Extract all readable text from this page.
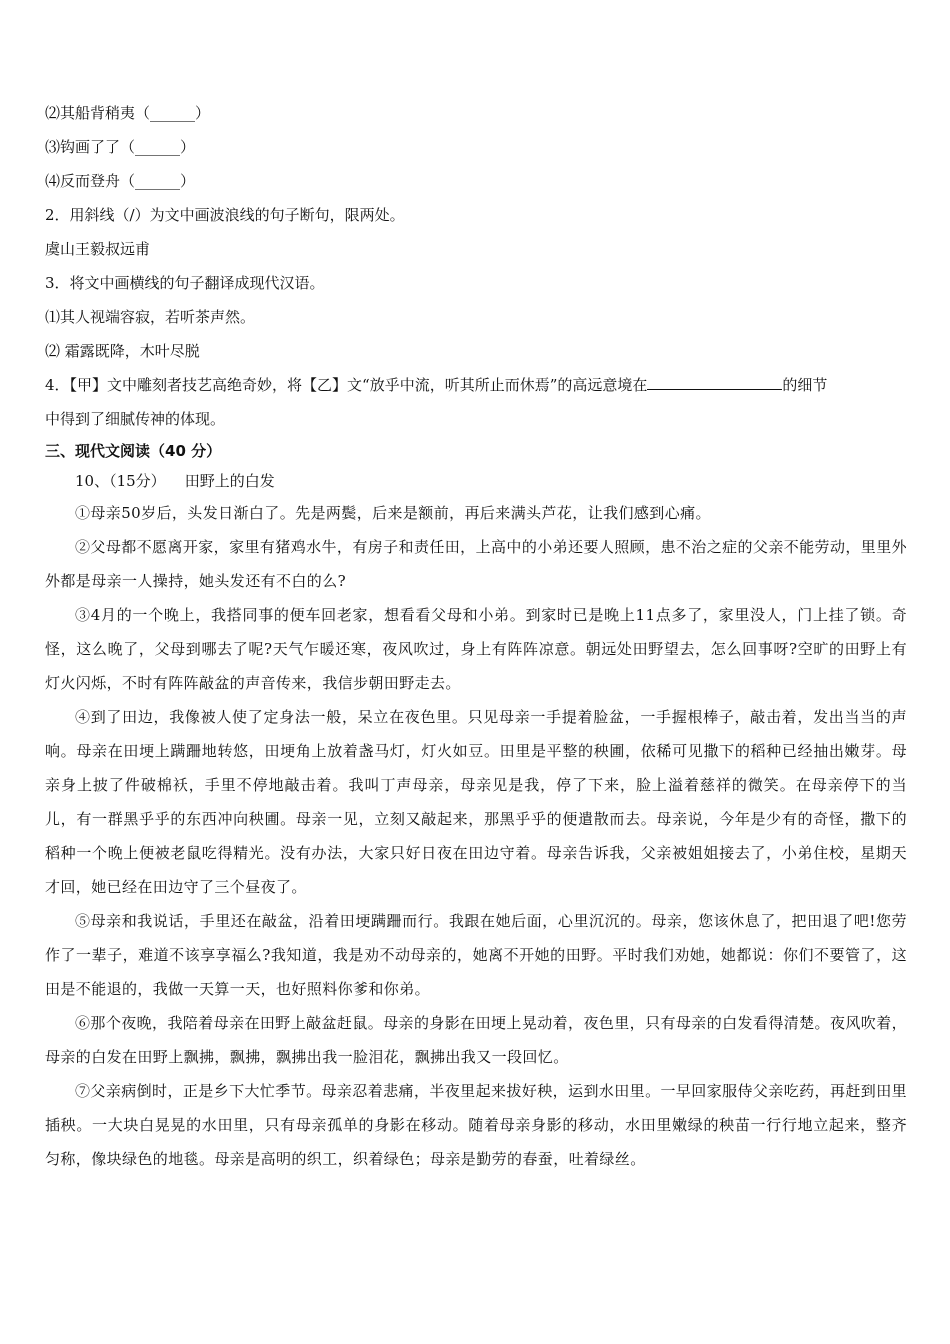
⑵其船背稍夷（______）
⑶钩画了了（______）
⑷反而登舟（______）
2．用斜线（/）为文中画波浪线的句子断句，限两处。
虞山王毅叔远甫
3．将文中画横线的句子翻译成现代汉语。
⑴其人视端容寂，若听茶声然。
⑵ 霜露既降，木叶尽脱
4．【甲】文中雕刻者技艺高绝奇妙，将【乙】文“放乎中流，听其所止而休焉”的高远意境在	的细节
中得到了细腻传神的体现。
三、现代文阅读（40 分）
10、（15分） 田野上的白发

①母亲50岁后，头发日渐白了。先是两鬓，后来是额前，再后来满头芦花，让我们感到心痛。

②父母都不愿离开家，家里有猪鸡水牛，有房子和责任田，上高中的小弟还要人照顾，患不治之症的父亲不能劳动，里里外外都是母亲一人操持，她头发还有不白的么?

③4月的一个晚上，我搭同事的便车回老家，想看看父母和小弟。到家时已是晚上11点多了，家里没人，门上挂了锁。奇怪，这么晚了，父母到哪去了呢?天气乍暖还寒，夜风吹过，身上有阵阵凉意。朝远处田野望去，怎么回事呀?空旷的田野上有灯火闪烁，不时有阵阵敲盆的声音传来，我信步朝田野走去。

④到了田边，我像被人使了定身法一般，呆立在夜色里。只见母亲一手提着脸盆，一手握根棒子，敲击着，发出当当的声响。母亲在田埂上蹒跚地转悠，田埂角上放着盏马灯，灯火如豆。田里是平整的秧圃，依稀可见撒下的稻种已经抽出嫩芽。母亲身上披了件破棉袄，手里不停地敲击着。我叫丁声母亲，母亲见是我，停了下来，脸上溢着慈祥的微笑。在母亲停下的当儿，有一群黑乎乎的东西冲向秧圃。母亲一见，立刻又敲起来，那黑乎乎的便遣散而去。母亲说，今年是少有的奇怪，撒下的稻种一个晚上便被老鼠吃得精光。没有办法，大家只好日夜在田边守着。母亲告诉我，父亲被姐姐接去了，小弟住校，星期天才回，她已经在田边守了三个昼夜了。

⑤母亲和我说话，手里还在敲盆，沿着田埂蹒跚而行。我跟在她后面，心里沉沉的。母亲，您该休息了，把田退了吧!您劳作了一辈子，难道不该享享福么?我知道，我是劝不动母亲的，她离不开她的田野。平时我们劝她，她都说：你们不要管了，这田是不能退的，我做一天算一天，也好照料你爹和你弟。

⑥那个夜晚，我陪着母亲在田野上敲盆赶鼠。母亲的身影在田埂上晃动着，夜色里，只有母亲的白发看得清楚。夜风吹着，母亲的白发在田野上飘拂，飘拂，飘拂出我一脸泪花，飘拂出我又一段回忆。

⑦父亲病倒时，正是乡下大忙季节。母亲忍着悲痛，半夜里起来拔好秧，运到水田里。一早回家服侍父亲吃药，再赶到田里插秧。一大块白晃晃的水田里，只有母亲孤单的身影在移动。随着母亲身影的移动，水田里嫩绿的秧苗一行行地立起来，整齐匀称，像块绿色的地毯。母亲是高明的织工，织着绿色；母亲是勤劳的春蚕，吐着绿丝。
